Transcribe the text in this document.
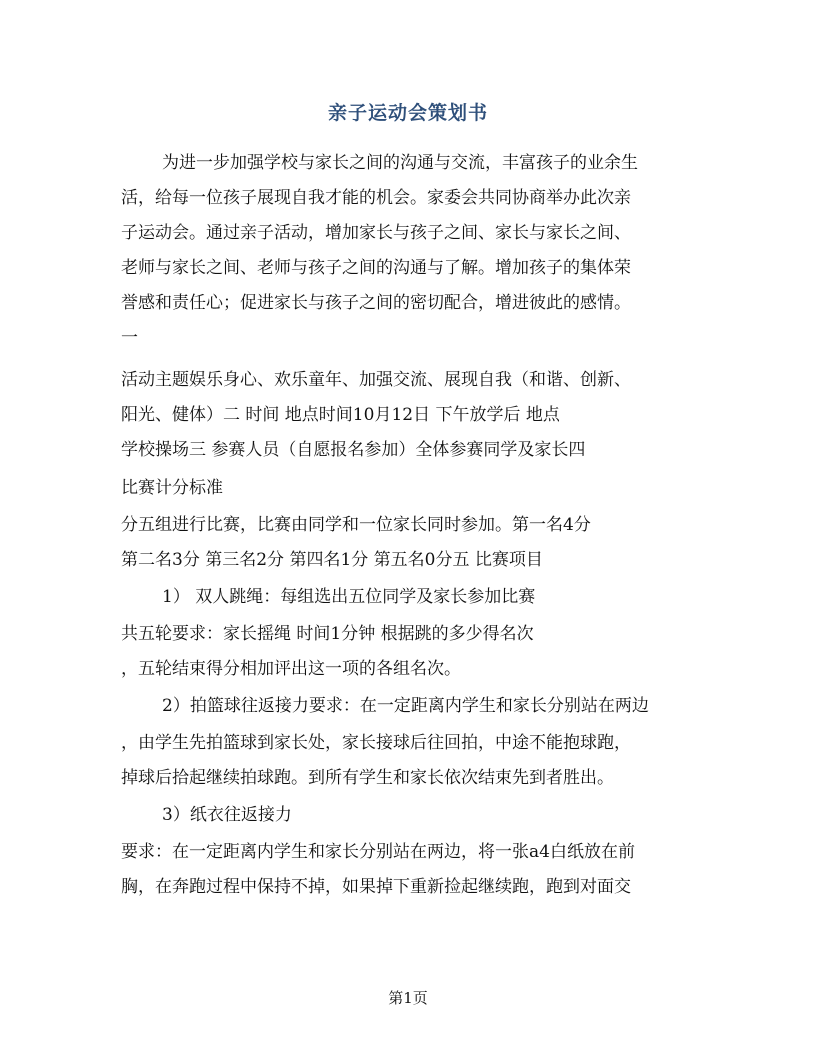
亲子运动会策划书
为进一步加强学校与家长之间的沟通与交流，丰富孩子的业余生
活，给每一位孩子展现自我才能的机会。家委会共同协商举办此次亲
子运动会。通过亲子活动，增加家长与孩子之间、家长与家长之间、
老师与家长之间、老师与孩子之间的沟通与了解。增加孩子的集体荣
誉感和责任心；促进家长与孩子之间的密切配合，增进彼此的感情。
一
活动主题娱乐身心、欢乐童年、加强交流、展现自我（和谐、创新、
阳光、健体）二 时间 地点时间10月12日 下午放学后 地点
学校操场三 参赛人员（自愿报名参加）全体参赛同学及家长四
比赛计分标准
分五组进行比赛，比赛由同学和一位家长同时参加。第一名4分
第二名3分 第三名2分 第四名1分 第五名0分五 比赛项目
1） 双人跳绳：每组选出五位同学及家长参加比赛
共五轮要求：家长摇绳 时间1分钟 根据跳的多少得名次
，五轮结束得分相加评出这一项的各组名次。
2）拍篮球往返接力要求：在一定距离内学生和家长分别站在两边
，由学生先拍篮球到家长处，家长接球后往回拍，中途不能抱球跑，
掉球后拾起继续拍球跑。到所有学生和家长依次结束先到者胜出。
3）纸衣往返接力
要求：在一定距离内学生和家长分别站在两边，将一张a4白纸放在前
胸，在奔跑过程中保持不掉，如果掉下重新捡起继续跑，跑到对面交
第1页
